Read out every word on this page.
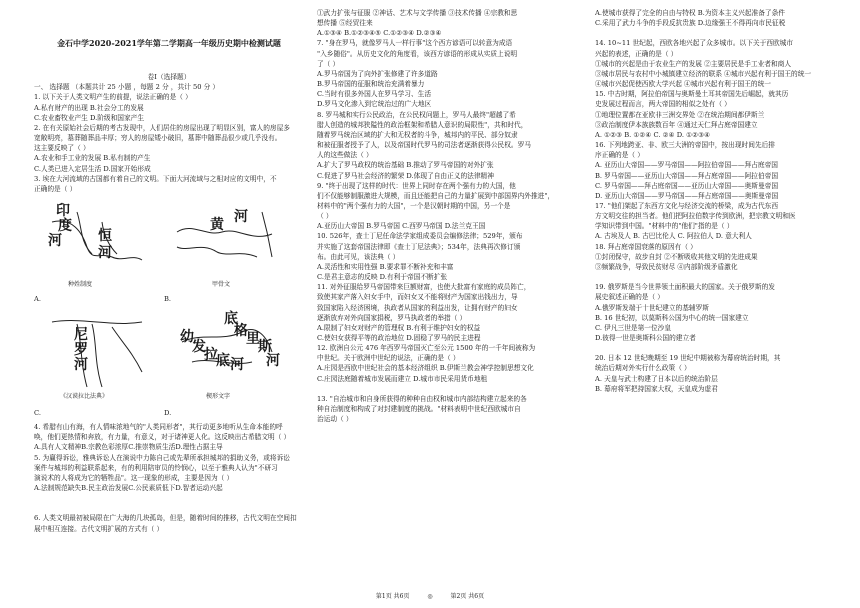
金石中学2020-2021学年第二学期高一年级历史期中检测试题

卷Ⅰ（选择题）

一、 选择题 （本题共计 25 小题 ，每题 2 分 ，共计 50 分 ）

1. 以下关于人类文明产生的前提，说法正确的是（ ）

A.私有财产的出现 B.社会分工的发展

C.农业畜牧业产生 D.阶级和国家产生

2. 在有关原始社会后期的考古发现中，人们居住的房屋出现了明显区别，富人的房屋多

宽敞明亮，墓葬随葬品丰厚；穷人的房屋矮小破旧，墓葬中随葬品很少或几乎没有。

这主要反映了（ ）

A.农业和手工业的发展 B.私有制的产生

C.人类已进入定居生活 D.国家开始形成

3. 埃在大河流域的古国都有着自己的文明。下面大河流域与之相对应的文明中，不

正确的是（ ）

印
度
河	恒
河
种姓制度
A.
黄 河
甲骨文
B.
尼
罗
河
《汉谟拉比法典》
C.
幼
发
拉
底 河
底
格
里
斯
河
楔形文字
D.

4. 希腊有山有海，有人情味浓地气的"人类同形者"，其行动更多地听从生命本能的呼

唤，他们更热情和奔放，有力量，有意义，对于诸神更人化。这反映出古希腊文明（ ）

A.具有人文精神B.宗教色彩浓厚C.推崇物质生活D.理性占据主导

5. 为赢得诉讼，雅典诉讼人在演说中力陈自己或先辈所承担城邦的捐助义务，或将诉讼

案件与城邦的利益联系起来，有的利用陪审员的怜悯心，以至于雅典人认为"不研习

演说术的人将成为它的牺牲品"。这一现象的形成，主要是因为（ ）

A.法制规范缺失B.民主政治发展C.公民素质低下D.智者运动兴起

6. 人类文明最初被局限在广大海的几块孤岛，但是，随着时间的推移，古代文明在空间扣

展中相互连接。古代文明扩展的方式有（ ）

①武力扩张与征服 ②神话、艺术与文学传播 ③技术传播 ④宗教和思

想传播 ⑤经贸往来

A.①③④ B.①②③④⑤ C.①②③④ D.②③④

7. "身在罗马，就像罗马人一样行事"这个西方谚语可以转意为成语

"入乡随俗"。从历史文化的角度看，该西方谚语的形成从实质上说明

了（ ）

A.罗马帝国为了向外扩张修建了许多道路

B.罗马帝国的征服和统治充满着暴力

C.当时有很多外国人在罗马学习、生活

D.罗马文化渗入到它统治过的广大地区

8. 罗马城和实行公民政治，在公民权问题上，罗马人最终"超越了希

腊人创造的城邦狭隘性的政治框架和希腊人意识的局限性"，共和时代，

随着罗马统治区域的扩大和无权者的斗争，城邦内的平民、部分奴隶

和被征服者授予了人，以及帝国时代罗马的司法者逐渐获得公民权。罗马

人的这些做法（ ）

A.扩大了罗马政权的统治基础 B.推动了罗马帝国的对外扩张

C.促进了罗马社会经济的繁荣 D.体现了自由正义的法律精神

9. "终于出现了这样的时代：世界上同时存在两个强有力的大国，他

们不仅能够制服激进大规模，而且还能把自己的力量扩展到中部国界内外推进"，

材料中的"两个强有力的大国"，一个是汉朝时期的中国，另一个是

（ ）

A.亚历山大帝国 B.罗马帝国 C.西罗马帝国 D.法兰克王国

10. 526年，查士丁尼任命法学家组成委员会编修法律；529年，颁布

并实施了这套帝国法律即《查士丁尼法典》；534年，法典再次修订颁

布。由此可见，该法典（ ）

A.灵活性和实用性强 B.要求罪不断补充和丰富

C.是君主意志的反映 D.有利于帝国不断扩张

11. 对外征服给罗马帝国带来巨额财富，也使大批富有家庭的成员阵亡，

致使其家产落入妇女手中，而妇女又不能将财产为国家出钱出力，导

致国家陷入经济困境，执政者从国家的利益出发，让拥有财产的妇女

逐渐放弃对外向国家捐税，罗马执政者的举措（ ）

A.限制了妇女对财产的管理权 B.有利于维护妇女的权益

C.使妇女获得平等的政治地位 D.固稳了罗马的民主进程

12. 欧洲自公元 476 年西罗马帝国灭亡至公元 1500 年的一千年间被称为

中世纪。关于欧洲中世纪的说法，正确的是（ ）

A.庄园是西欧中世纪社会的基本经济组织 B.伊斯兰教会神学控制思想文化

C.庄园法庭随着城市发展而建立 D.城市市民采用货币地租

13. "自治城市和自身所获得的种种自由权和城市内部结构建立起来的各

种自治制度和构成了对封建制度的挑战。"材料表明中世纪西欧城市自

治运动（ ）

A.使城市获得了完全的自由与特权 B.为资本主义兴起准备了条件

C.采用了武力斗争的手段反抗贵族 D.边缘强王不得再向市民征税

14. 10~11 世纪起，西欧各地兴起了众多城市。以下关于西欧城市

兴起的表述，正确的是（ ）

①城市的兴起是由于农业生产的发展 ②主要居民是手工业者和商人

③城市居民与农村中小城镇建立经济的联系 ④城市兴起有利于国王的统一

④城市兴起促使西欧大学兴起 ④城市兴起有利于国王的统一

15. 中古时期，阿拉伯帝国与奥斯曼土耳其帝国先后崛起，就其历

史发展过程而言，两大帝国的相似之处有（ ）

①地理位置都在亚欧非三洲交界处 ②在统治期间都伊斯兰

③政治制度伊本族族数百年 ④通过天仁拜占庭帝国建立

A. ①②③ B. ①②④ C. ②④ D. ①②③④

16. 下列地跨亚、非、欧三大洲的帝国中，按出现时间先后排

序正确的是（ ）

A. 亚历山大帝国——罗马帝国——阿拉伯帝国——拜占庭帝国

B. 罗马帝国——亚历山大帝国——拜占庭帝国——阿拉伯帝国

C. 罗马帝国——拜占庭帝国——亚历山大帝国——奥斯曼帝国

D. 亚历山大帝国——罗马帝国——拜占庭帝国——奥斯曼帝国

17. "他们架起了东西方文化与经济交流的桥梁，成为古代东西

方文明交往的担当者。他们把阿拉伯数字传到欧洲，把宗教文明和医

学知识带到中国。"材料中的"他们"指的是（ ）

A. 古埃及人 B. 古巴比伦人 C. 阿拉伯人 D. 意大利人

18. 拜占庭帝国衰落的原因有（ ）

①封闭保守，故步自封 ②不断吸收其他文明的先进成果

③频繁战争，导致民贫财尽 ④内部阶级矛盾激化

19. 俄罗斯是当今世界领土面积最大的国家。关于俄罗斯的发

展史叙述正确的是（ ）

A.俄罗斯发端于十世纪建立的基辅罗斯

B. 16 世纪初，以莫斯科公国为中心的统一国家建立

C. 伊凡三世是第一位沙皇

D.彼得一世是奥斯科公国的建立者

20. 日本 12 世纪晚期至 19 世纪中期被称为幕府统治时期，其

统治后期对外实行什么政策（ ）

A. 天皇与武士构建了日本以后的统治阶层

B. 幕府将军把持国家大权，天皇成为虚君

第1页 共6页	◎	第2页 共6页
